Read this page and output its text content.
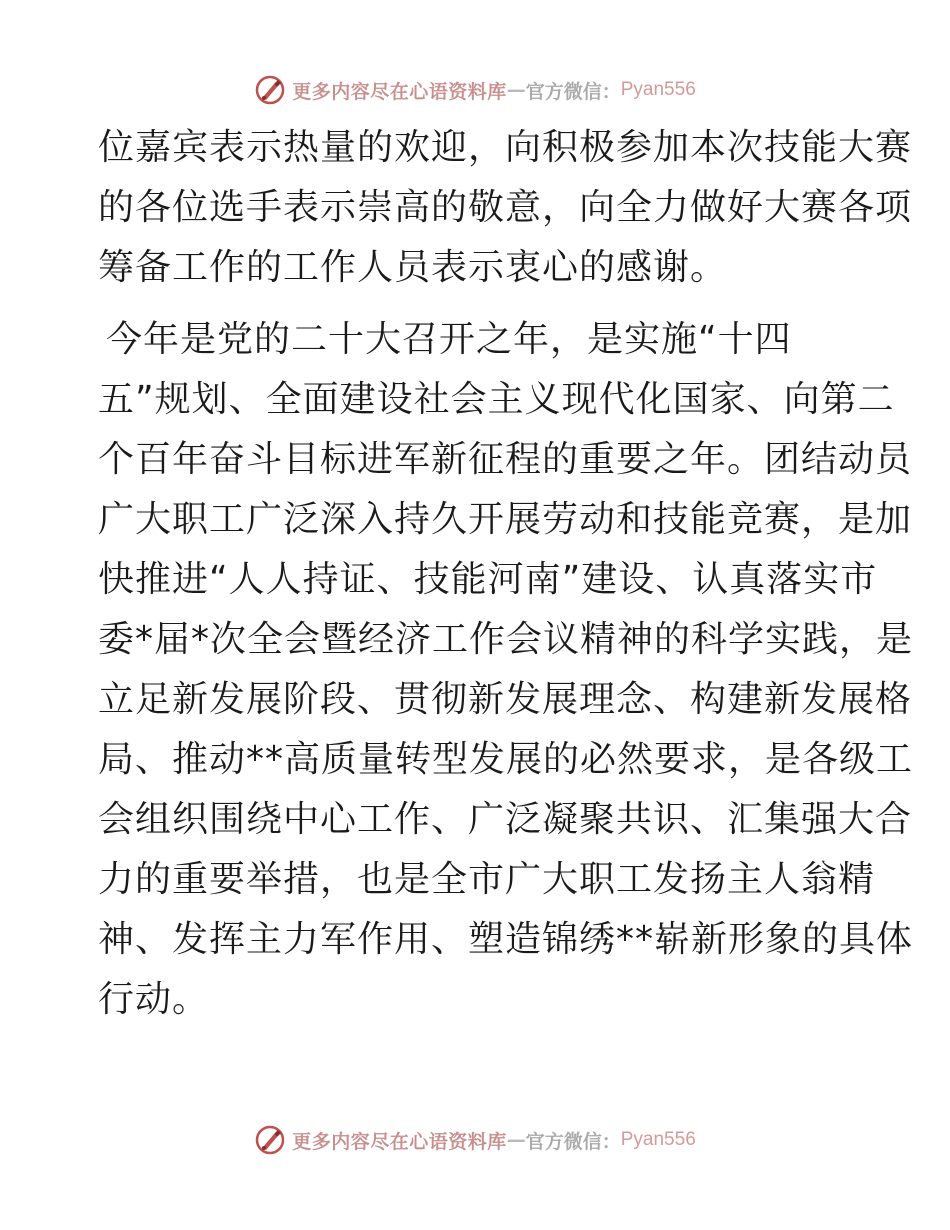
更多内容尽在心语资料库 — 官方微信： Pyan556

位嘉宾表示热量的欢迎，向积极参加本次技能大赛
的各位选手表示崇高的敬意，向全力做好大赛各项
筹备工作的工作人员表示衷心的感谢。

今年是党的二十大召开之年，是实施“十四
五”规划、全面建设社会主义现代化国家、向第二
个百年奋斗目标进军新征程的重要之年。团结动员
广大职工广泛深入持久开展劳动和技能竞赛，是加
快推进“人人持证、技能河南”建设、认真落实市
委*届*次全会暨经济工作会议精神的科学实践，是
立足新发展阶段、贯彻新发展理念、构建新发展格
局、推动**高质量转型发展的必然要求，是各级工
会组织围绕中心工作、广泛凝聚共识、汇集强大合
力的重要举措，也是全市广大职工发扬主人翁精
神、发挥主力军作用、塑造锦绣**崭新形象的具体
行动。

更多内容尽在心语资料库 — 官方微信： Pyan556
